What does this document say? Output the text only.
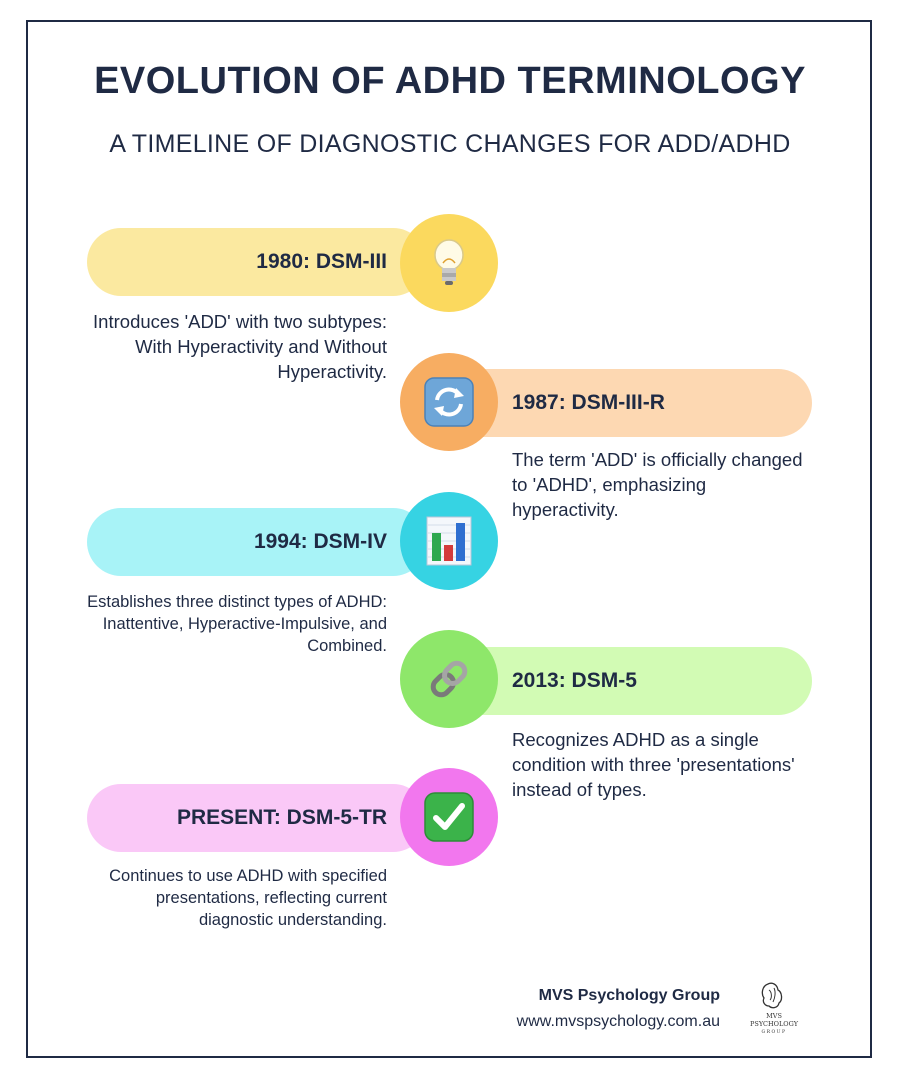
EVOLUTION OF ADHD TERMINOLOGY
A TIMELINE OF DIAGNOSTIC CHANGES FOR ADD/ADHD
1980: DSM-III
Introduces 'ADD' with two subtypes: With Hyperactivity and Without Hyperactivity.
1987: DSM-III-R
The term 'ADD' is officially changed to 'ADHD', emphasizing hyperactivity.
1994: DSM-IV
Establishes three distinct types of ADHD: Inattentive, Hyperactive-Impulsive, and Combined.
2013: DSM-5
Recognizes ADHD as a single condition with three 'presentations' instead of types.
PRESENT: DSM-5-TR
Continues to use ADHD with specified presentations, reflecting current diagnostic understanding.
MVS Psychology Group
www.mvspsychology.com.au	MVS
PSYCHOLOGY
GROUP
